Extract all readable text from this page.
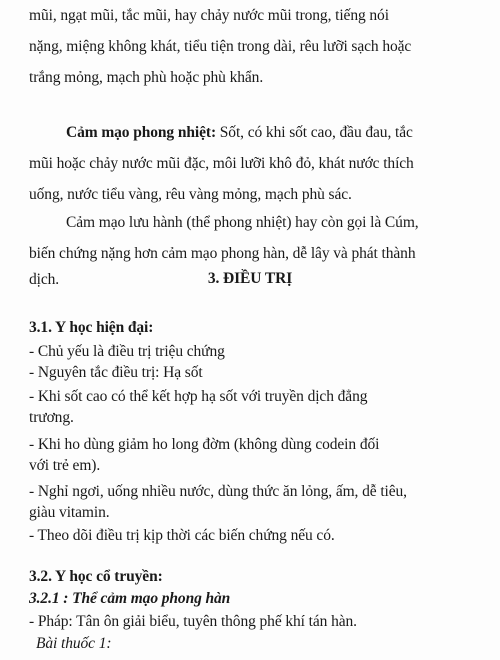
mũi, ngạt mũi, tắc mũi, hay chảy nước mũi trong, tiếng nói
nặng, miệng không khát, tiểu tiện trong dài, rêu lưỡi sạch hoặc
trắng mỏng, mạch phù hoặc phù khẩn.
Cảm mạo phong nhiệt: Sốt, có khi sốt cao, đầu đau, tắc
mũi hoặc chảy nước mũi đặc, môi lưỡi khô đỏ, khát nước thích
uống, nước tiểu vàng, rêu vàng mỏng, mạch phù sác.
Cảm mạo lưu hành (thể phong nhiệt) hay còn gọi là Cúm,
biến chứng nặng hơn cảm mạo phong hàn, dễ lây và phát thành
dịch.	3. ĐIỀU TRỊ
3.1. Y học hiện đại:
- Chủ yếu là điều trị triệu chứng
- Nguyên tắc điều trị: Hạ sốt
- Khi sốt cao có thể kết hợp hạ sốt với truyền dịch đẳng
trương.
- Khi ho dùng giảm ho long đờm (không dùng codein đối
với trẻ em).
- Nghỉ ngơi, uống nhiều nước, dùng thức ăn lỏng, ấm, dễ tiêu,
giàu vitamin.
- Theo dõi điều trị kịp thời các biến chứng nếu có.
3.2. Y học cổ truyền:
3.2.1 : Thể cảm mạo phong hàn
- Pháp: Tân ôn giải biểu, tuyên thông phế khí tán hàn.
Bài thuốc 1:
